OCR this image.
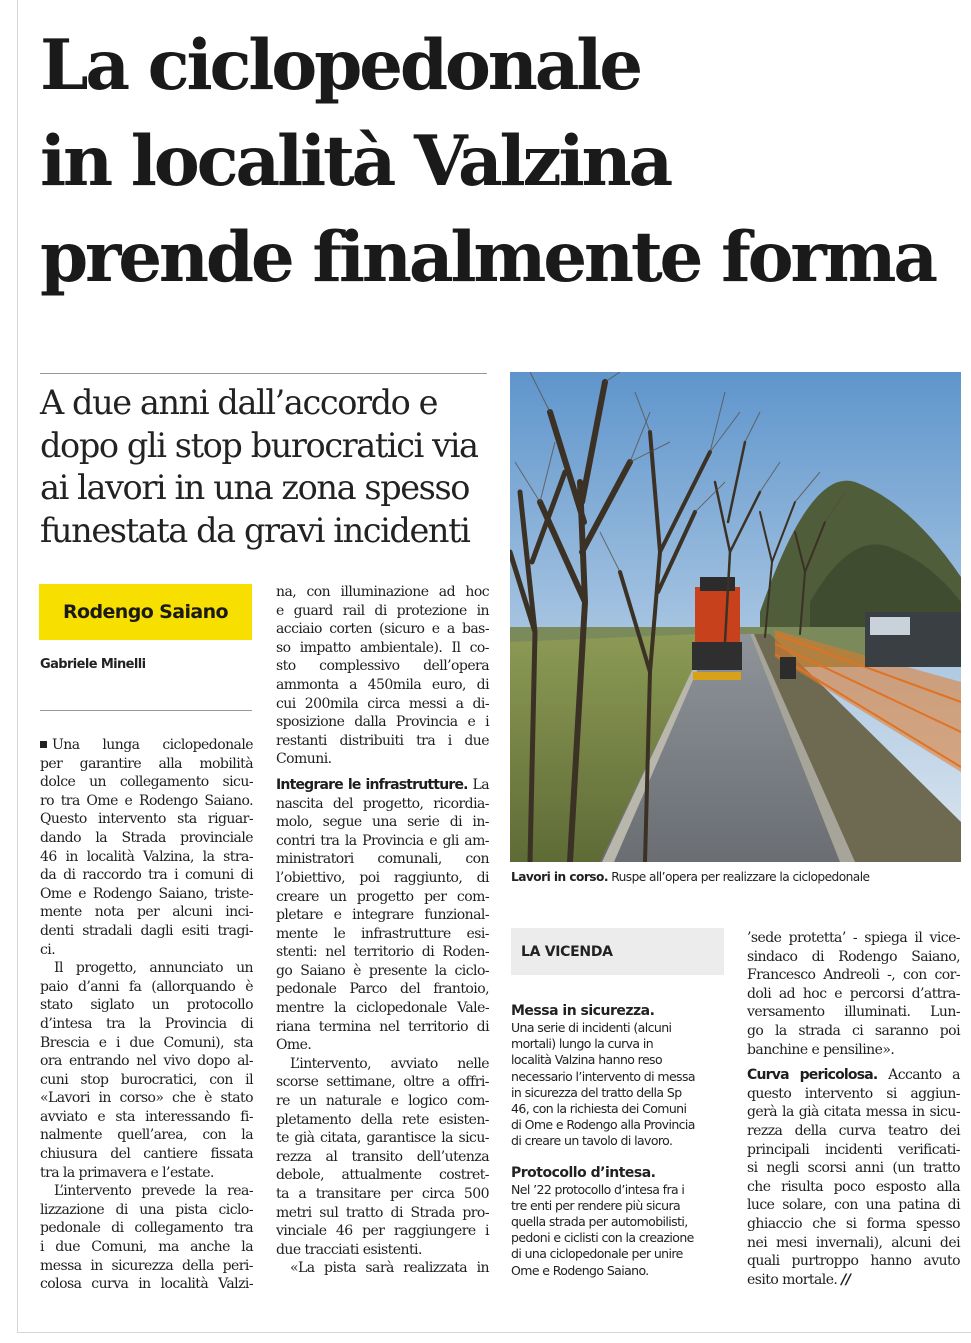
La ciclopedonale
in località Valzina
prende finalmente forma
A due anni dall’accordo e
dopo gli stop burocratici via
ai lavori in una zona spesso
funestata da gravi incidenti
Rodengo Saiano
Gabriele Minelli
Una lunga ciclopedonale
per garantire alla mobilità
dolce un collegamento sicu-
ro tra Ome e Rodengo Saiano.
Questo intervento sta riguar-
dando la Strada provinciale
46 in località Valzina, la stra-
da di raccordo tra i comuni di
Ome e Rodengo Saiano, triste-
mente nota per alcuni inci-
denti stradali dagli esiti tragi-
ci.
Il progetto, annunciato un
paio d’anni fa (allorquando è
stato siglato un protocollo
d’intesa tra la Provincia di
Brescia e i due Comuni), sta
ora entrando nel vivo dopo al-
cuni stop burocratici, con il
«Lavori in corso» che è stato
avviato e sta interessando fi-
nalmente quell’area, con la
chiusura del cantiere fissata
tra la primavera e l’estate.
L’intervento prevede la rea-
lizzazione di una pista ciclo-
pedonale di collegamento tra
i due Comuni, ma anche la
messa in sicurezza della peri-
colosa curva in località Valzi-
na, con illuminazione ad hoc
e guard rail di protezione in
acciaio corten (sicuro e a bas-
so impatto ambientale). Il co-
sto complessivo dell’opera
ammonta a 450mila euro, di
cui 200mila circa messi a di-
sposizione dalla Provincia e i
restanti distribuiti tra i due
Comuni.
Integrare le infrastrutture. La
nascita del progetto, ricordia-
molo, segue una serie di in-
contri tra la Provincia e gli am-
ministratori comunali, con
l’obiettivo, poi raggiunto, di
creare un progetto per com-
pletare e integrare funzional-
mente le infrastrutture esi-
stenti: nel territorio di Roden-
go Saiano è presente la ciclo-
pedonale Parco del frantoio,
mentre la ciclopedonale Vale-
riana termina nel territorio di
Ome.
L’intervento, avviato nelle
scorse settimane, oltre a offri-
re un naturale e logico com-
pletamento della rete esisten-
te già citata, garantisce la sicu-
rezza al transito dell’utenza
debole, attualmente costret-
ta a transitare per circa 500
metri sul tratto di Strada pro-
vinciale 46 per raggiungere i
due tracciati esistenti.
«La pista sarà realizzata in
Lavori in corso. Ruspe all’opera per realizzare la ciclopedonale
LA VICENDA
Messa in sicurezza.
Una serie di incidenti (alcuni
mortali) lungo la curva in
località Valzina hanno reso
necessario l’intervento di messa
in sicurezza del tratto della Sp
46, con la richiesta dei Comuni
di Ome e Rodengo alla Provincia
di creare un tavolo di lavoro.
Protocollo d’intesa.
Nel ’22 protocollo d’intesa fra i
tre enti per rendere più sicura
quella strada per automobilisti,
pedoni e ciclisti con la creazione
di una ciclopedonale per unire
Ome e Rodengo Saiano.
’sede protetta’ - spiega il vice-
sindaco di Rodengo Saiano,
Francesco Andreoli -, con cor-
doli ad hoc e percorsi d’attra-
versamento illuminati. Lun-
go la strada ci saranno poi
banchine e pensiline».
Curva pericolosa. Accanto a
questo intervento si aggiun-
gerà la già citata messa in sicu-
rezza della curva teatro dei
principali incidenti verificati-
si negli scorsi anni (un tratto
che risulta poco esposto alla
luce solare, con una patina di
ghiaccio che si forma spesso
nei mesi invernali), alcuni dei
quali purtroppo hanno avuto
esito mortale. //
